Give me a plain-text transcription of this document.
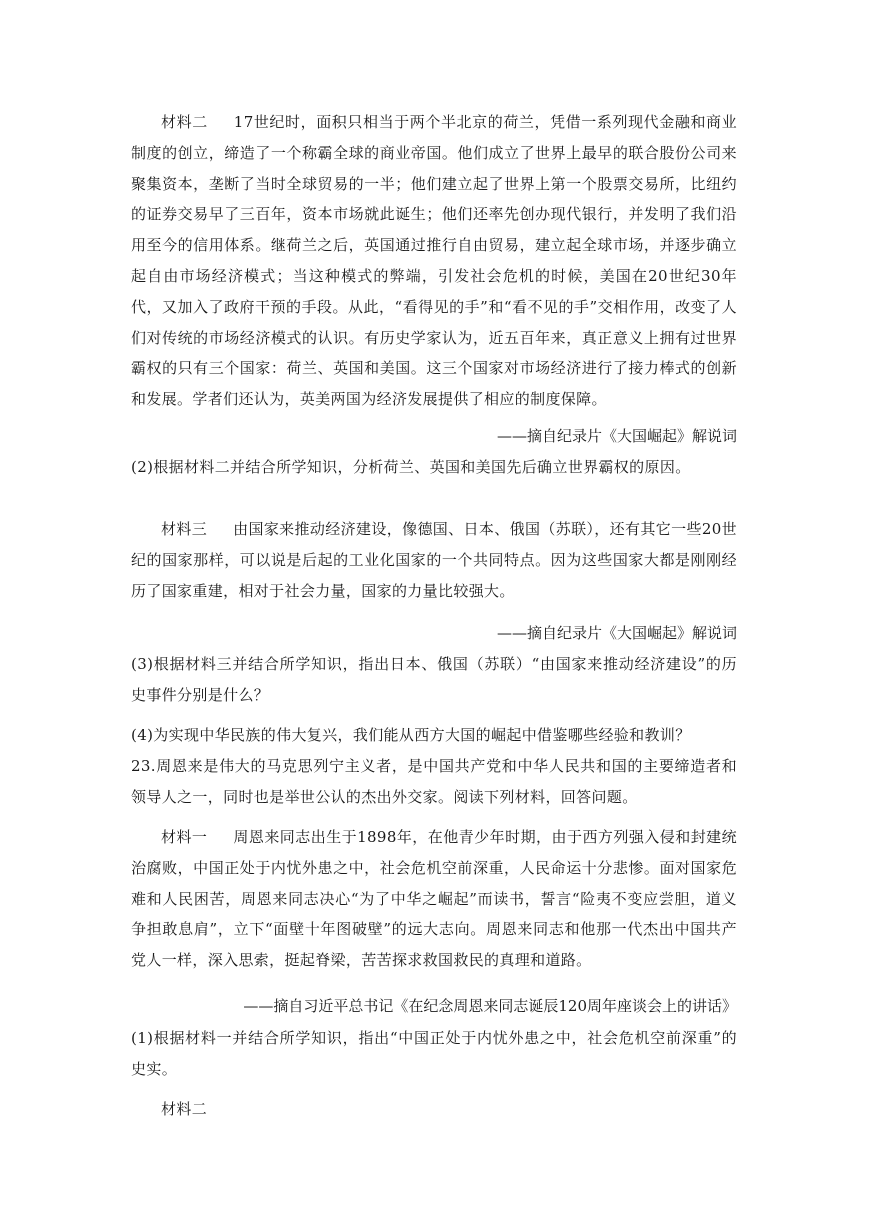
材料二 17世纪时，面积只相当于两个半北京的荷兰，凭借一系列现代金融和商业制度的创立，缔造了一个称霸全球的商业帝国。他们成立了世界上最早的联合股份公司来聚集资本，垄断了当时全球贸易的一半；他们建立起了世界上第一个股票交易所，比纽约的证券交易早了三百年，资本市场就此诞生；他们还率先创办现代银行，并发明了我们沿用至今的信用体系。继荷兰之后，英国通过推行自由贸易，建立起全球市场，并逐步确立起自由市场经济模式；当这种模式的弊端，引发社会危机的时候，美国在20世纪30年代，又加入了政府干预的手段。从此，“看得见的手”和“看不见的手”交相作用，改变了人们对传统的市场经济模式的认识。有历史学家认为，近五百年来，真正意义上拥有过世界霸权的只有三个国家：荷兰、英国和美国。这三个国家对市场经济进行了接力棒式的创新和发展。学者们还认为，英美两国为经济发展提供了相应的制度保障。

——摘自纪录片《大国崛起》解说词

(2)根据材料二并结合所学知识，分析荷兰、英国和美国先后确立世界霸权的原因。

材料三 由国家来推动经济建设，像德国、日本、俄国（苏联），还有其它一些20世纪的国家那样，可以说是后起的工业化国家的一个共同特点。因为这些国家大都是刚刚经历了国家重建，相对于社会力量，国家的力量比较强大。

——摘自纪录片《大国崛起》解说词

(3)根据材料三并结合所学知识，指出日本、俄国（苏联）“由国家来推动经济建设”的历史事件分别是什么？

(4)为实现中华民族的伟大复兴，我们能从西方大国的崛起中借鉴哪些经验和教训？

23.周恩来是伟大的马克思列宁主义者，是中国共产党和中华人民共和国的主要缔造者和领导人之一，同时也是举世公认的杰出外交家。阅读下列材料，回答问题。

材料一 周恩来同志出生于1898年，在他青少年时期，由于西方列强入侵和封建统治腐败，中国正处于内忧外患之中，社会危机空前深重，人民命运十分悲惨。面对国家危难和人民困苦，周恩来同志决心“为了中华之崛起”而读书，誓言“险夷不变应尝胆，道义争担敢息肩”，立下“面壁十年图破壁”的远大志向。周恩来同志和他那一代杰出中国共产党人一样，深入思索，挺起脊梁，苦苦探求救国救民的真理和道路。

——摘自习近平总书记《在纪念周恩来同志诞辰120周年座谈会上的讲话》

(1)根据材料一并结合所学知识，指出“中国正处于内忧外患之中，社会危机空前深重”的史实。

材料二
